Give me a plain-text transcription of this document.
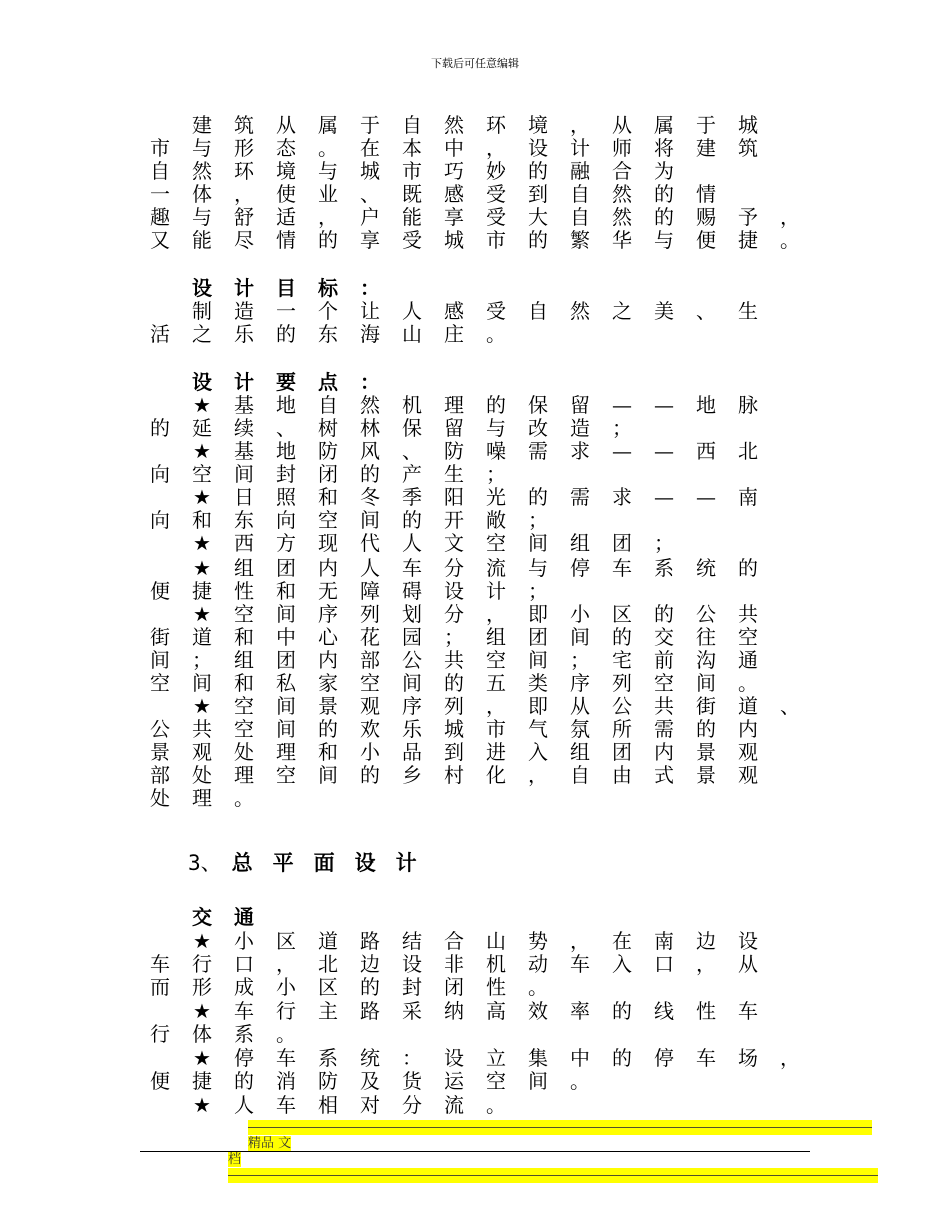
下载后可任意编辑
建 筑 从 属 于 自 然 环 境 ， 从 属 于 城
市 与 形 态 。 在 本 中 ， 设 计 师 将 建 筑
自 然 环 境 与 城 市 巧 妙 的 融 合 为
一 体 ， 使 业 、 既 感 受 到 自 然 的 情
趣 与 舒 适 ， 户 能 享 受 大 自 然 的 赐 予 ，
又 能 尽 情 的 享 受 城 市 的 繁 华 与 便 捷 。
设 计 目 标 ：
制 造 一 个 让 人 感 受 自 然 之 美 、 生
活 之 乐 的 东 海 山 庄 。
设 计 要 点 ：
★ 基 地 自 然 机 理 的 保 留 — — 地 脉
的 延 续 、 树 林 保 留 与 改 造 ；
★ 基 地 防 风 、 防 噪 需 求 — — 西 北
向 空 间 封 闭 的 产 生 ；
★ 日 照 和 冬 季 阳 光 的 需 求 — — 南
向 和 东 向 空 间 的 开 敞 ；
★ 西 方 现 代 人 文 空 间 组 团 ；
★ 组 团 内 人 车 分 流 与 停 车 系 统 的
便 捷 性 和 无 障 碍 设 计 ；
★ 空 间 序 列 划 分 ， 即 小 区 的 公 共
街 道 和 中 心 花 园 ； 组 团 间 的 交 往 空
间 ； 组 团 内 部 公 共 空 间 ； 宅 前 沟 通
空 间 和 私 家 空 间 的 五 类 序 列 空 间 。
★ 空 间 景 观 序 列 ， 即 从 公 共 街 道 、
公 共 空 间 的 欢 乐 城 市 气 氛 所 需 的 内
景 观 处 理 和 小 品 到 进 入 组 团 内 景 观
部 处 理 空 间 的 乡 村 化 ， 自 由 式 景 观
处 理 。
交 通
★ 小 区 道 路 结 合 山 势 ， 在 南 边 设
车 行 口 ， 北 边 设 非 机 动 车 入 口 ， 从
而 形 成 小 区 的 封 闭 性 。
★ 车 行 主 路 采 纳 高 效 率 的 线 性 车
行 体 系 。
★ 停 车 系 统 ： 设 立 集 中 的 停 车 场 ，
便 捷 的 消 防 及 货 运 空 间 。
★ 人 车 相 对 分 流 。
3、 总平面设计
――――――――――――――――――――――――――――――――――――――――――――――――精品 文
档――――――――――――――――――――――――――――――――――――――――――――――――――
